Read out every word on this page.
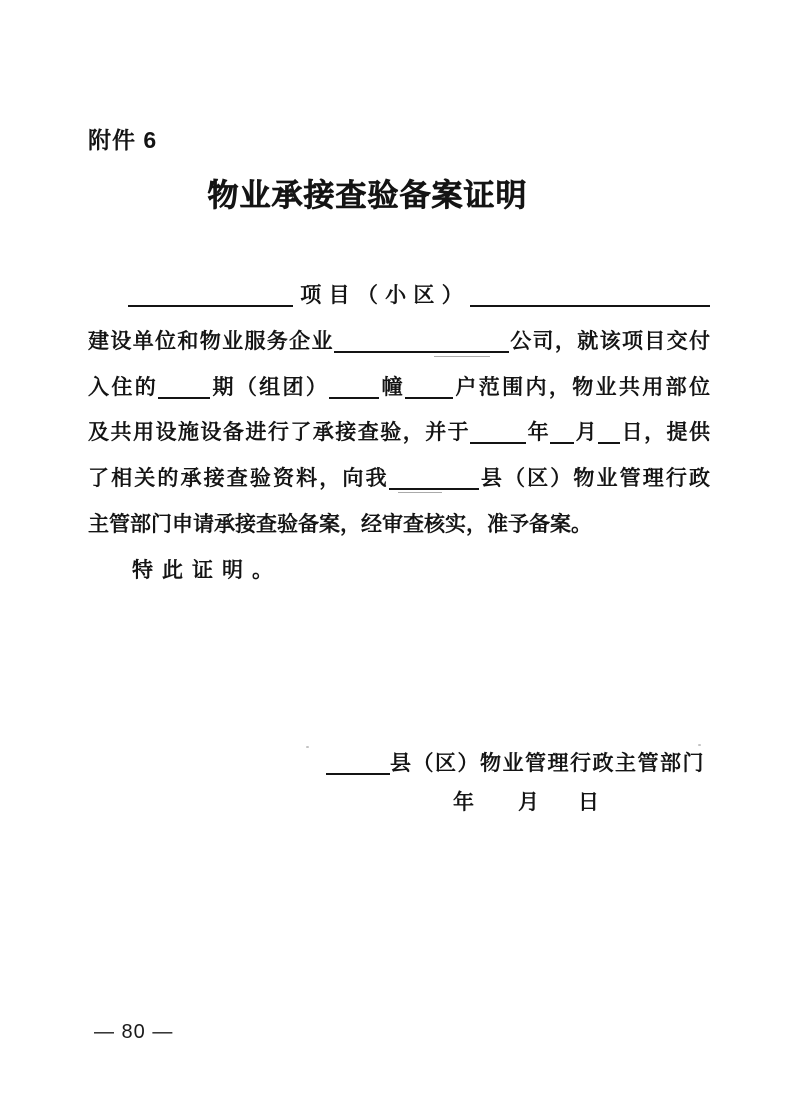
附件 6
物业承接查验备案证明
项目（小区）
建设单位和物业服务企业	公司，就该项目交付
入住的 期（组团） 幢 户范围内，物业共用部位
及共用设施设备进行了承接查验，并于	年 月 日，提供
了相关的承接查验资料，向我	县（区）物业管理行政
主管部门申请承接查验备案，经审查核实，准予备案。
特此证明。
县（区）物业管理行政主管部门
年 月 日
— 80 —
